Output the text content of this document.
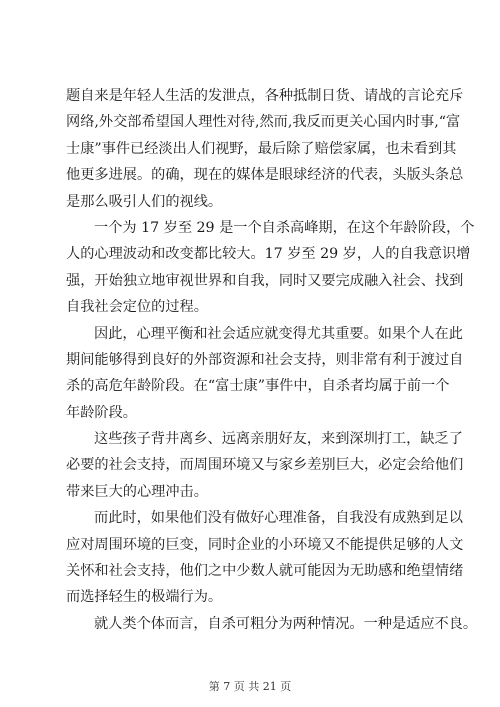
题自来是年轻人生活的发泄点，各种抵制日货、请战的言论充斥
网络,外交部希望国人理性对待,然而,我反而更关心国内时事,“富
士康”事件已经淡出人们视野，最后除了赔偿家属，也未看到其
他更多进展。的确，现在的媒体是眼球经济的代表，头版头条总
是那么吸引人们的视线。
一个为 17 岁至 29 是一个自杀高峰期，在这个年龄阶段，个
人的心理波动和改变都比较大。17 岁至 29 岁，人的自我意识增
强，开始独立地审视世界和自我，同时又要完成融入社会、找到
自我社会定位的过程。
因此，心理平衡和社会适应就变得尤其重要。如果个人在此
期间能够得到良好的外部资源和社会支持，则非常有利于渡过自
杀的高危年龄阶段。在“富士康”事件中，自杀者均属于前一个
年龄阶段。
这些孩子背井离乡、远离亲朋好友，来到深圳打工，缺乏了
必要的社会支持，而周围环境又与家乡差别巨大，必定会给他们
带来巨大的心理冲击。
而此时，如果他们没有做好心理准备，自我没有成熟到足以
应对周围环境的巨变，同时企业的小环境又不能提供足够的人文
关怀和社会支持，他们之中少数人就可能因为无助感和绝望情绪
而选择轻生的极端行为。
就人类个体而言，自杀可粗分为两种情况。一种是适应不良。
第 7 页 共 21 页
